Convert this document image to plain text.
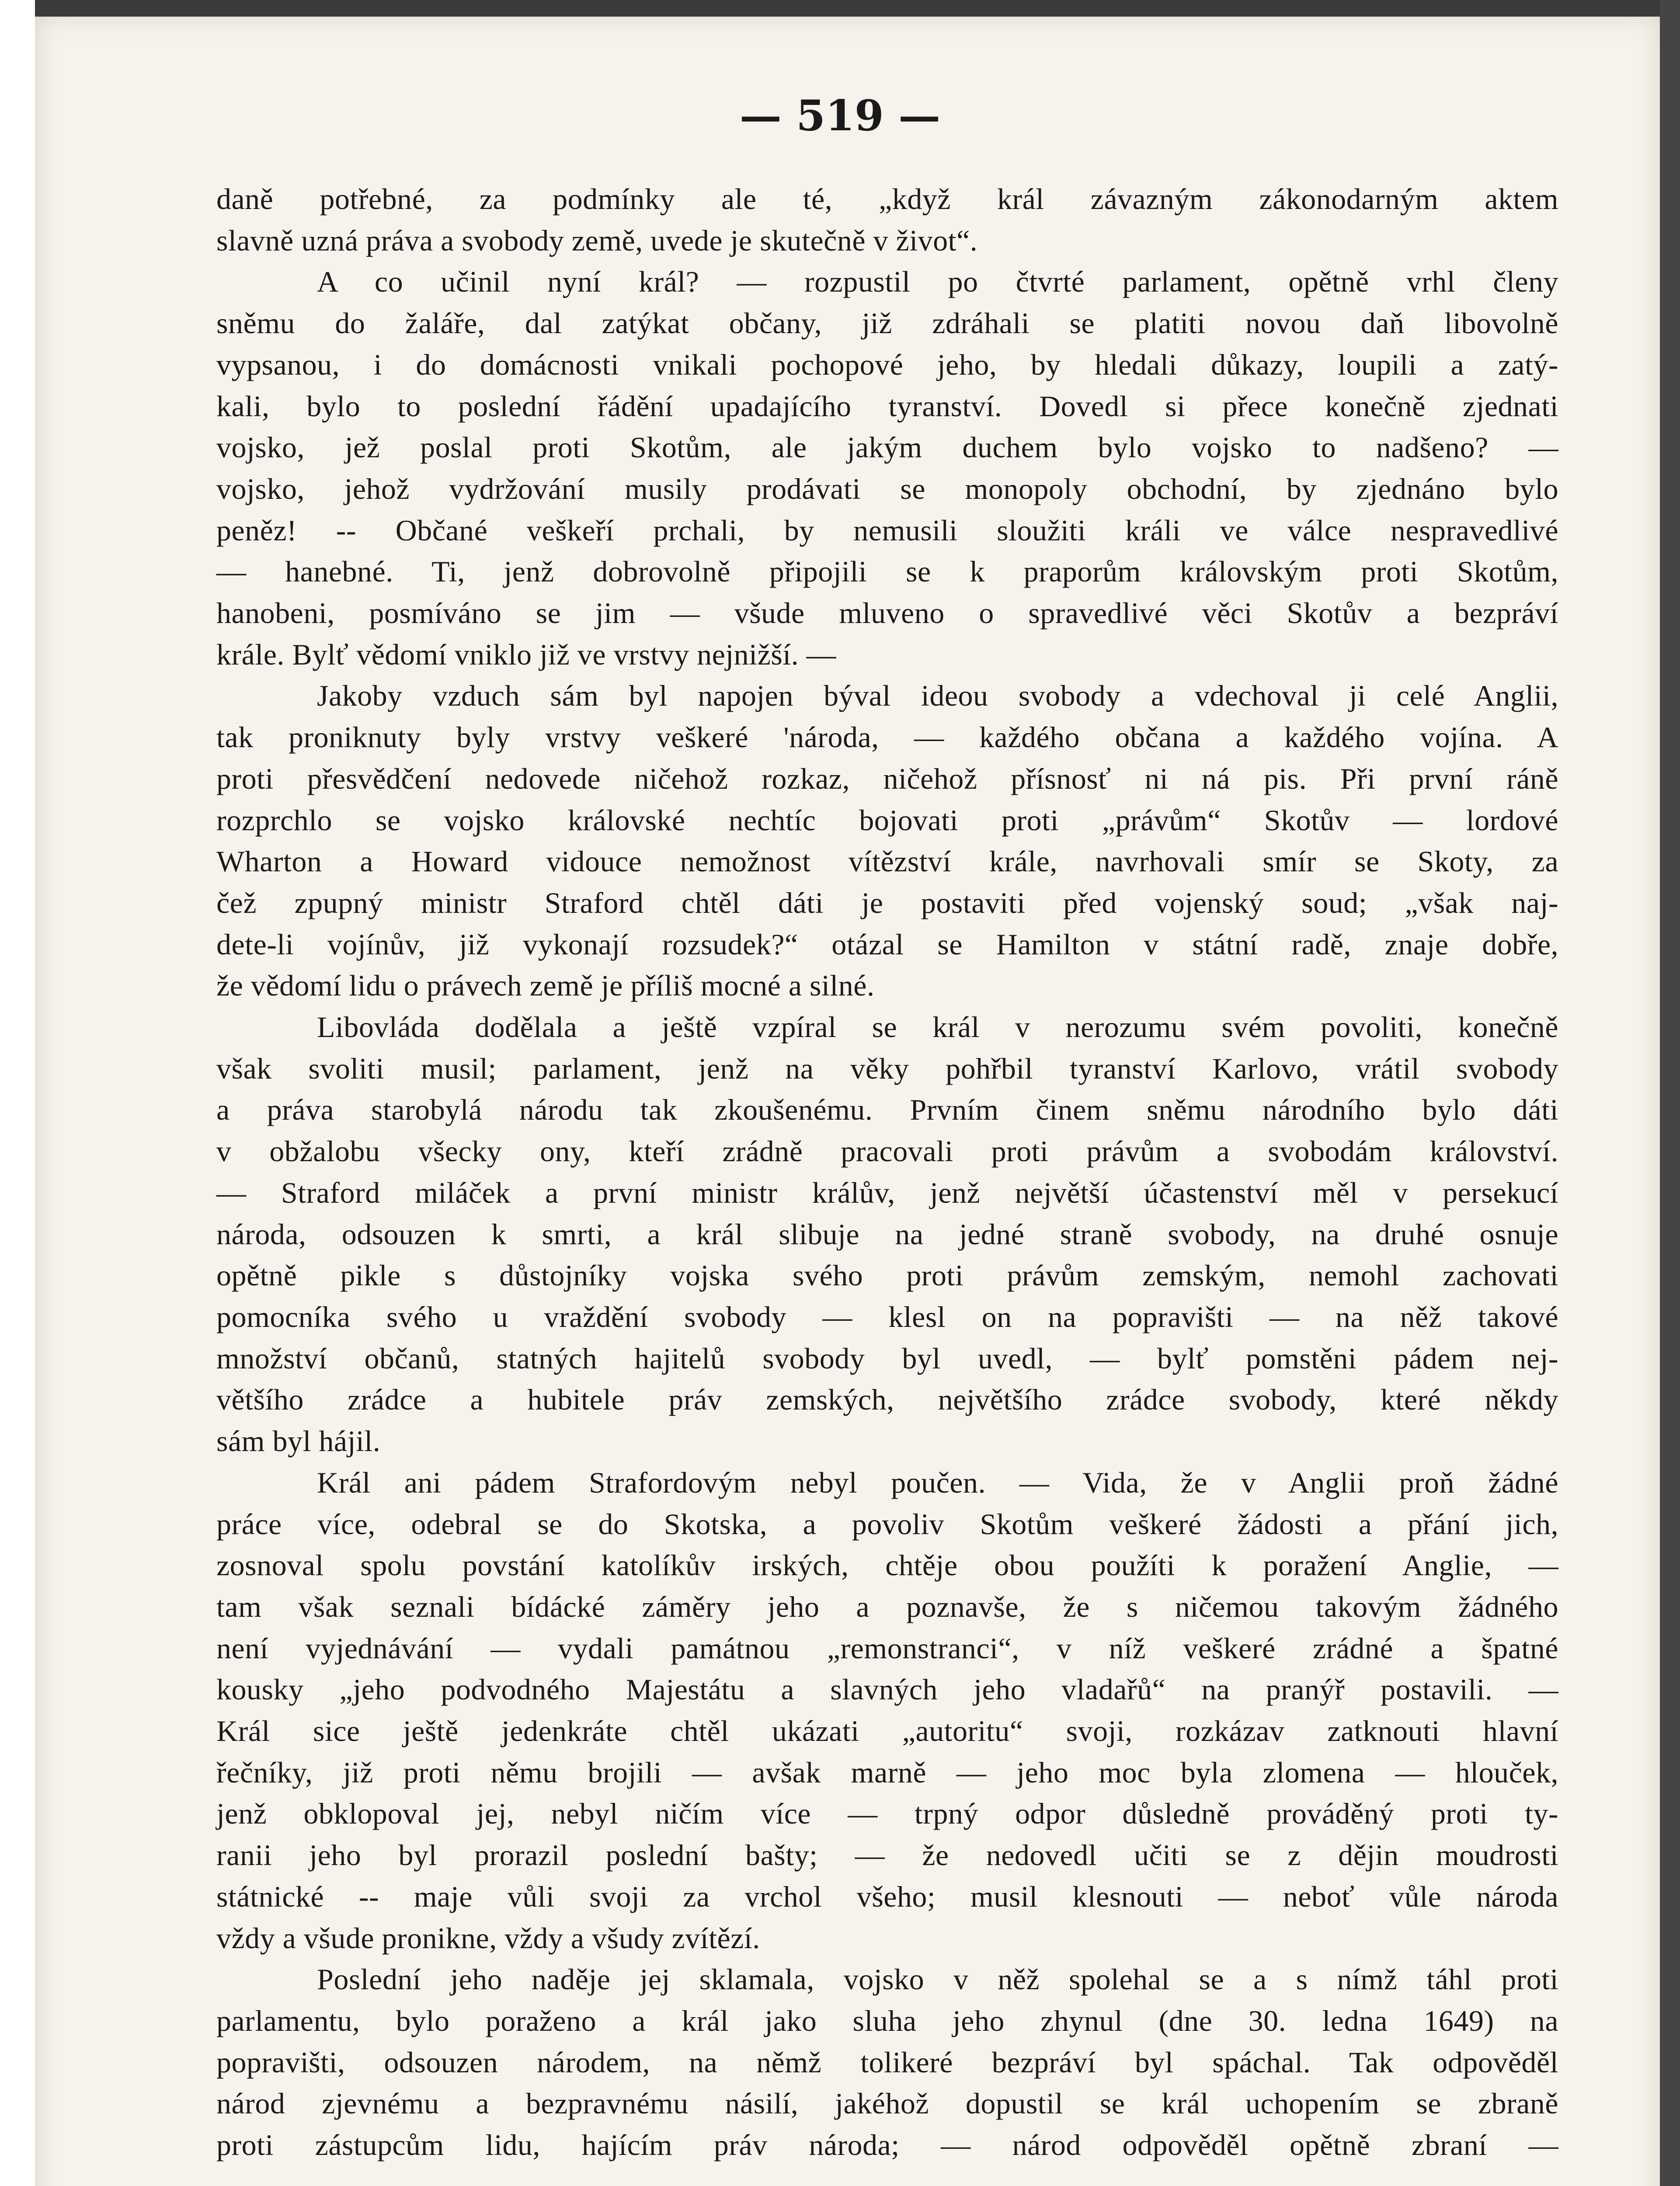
— 519 —
daně potřebné, za podmínky ale té, „když král závazným zákonodarným aktem
slavně uzná práva a svobody země, uvede je skutečně v život“.
A co učinil nyní král? — rozpustil po čtvrté parlament, opětně vrhl členy
sněmu do žaláře, dal zatýkat občany, již zdráhali se platiti novou daň libovolně
vypsanou, i do domácnosti vnikali pochopové jeho, by hledali důkazy, loupili a zatý-
kali, bylo to poslední řádění upadajícího tyranství. Dovedl si přece konečně zjednati
vojsko, jež poslal proti Skotům, ale jakým duchem bylo vojsko to nadšeno? —
vojsko, jehož vydržování musily prodávati se monopoly obchodní, by zjednáno bylo
peněz! -- Občané veškeří prchali, by nemusili sloužiti králi ve válce nespravedlivé
— hanebné. Ti, jenž dobrovolně připojili se k praporům královským proti Skotům,
hanobeni, posmíváno se jim — všude mluveno o spravedlivé věci Skotův a bezpráví
krále. Bylť vědomí vniklo již ve vrstvy nejnižší. —
Jakoby vzduch sám byl napojen býval ideou svobody a vdechoval ji celé Anglii,
tak proniknuty byly vrstvy veškeré 'národa, — každého občana a každého vojína. A
proti přesvědčení nedovede ničehož rozkaz, ničehož přísnosť ni ná pis. Při první ráně
rozprchlo se vojsko královské nechtíc bojovati proti „právům“ Skotův — lordové
Wharton a Howard vidouce nemožnost vítězství krále, navrhovali smír se Skoty, za
čež zpupný ministr Straford chtěl dáti je postaviti před vojenský soud; „však naj-
dete-li vojínův, již vykonají rozsudek?“ otázal se Hamilton v státní radě, znaje dobře,
že vědomí lidu o právech země je příliš mocné a silné.
Libovláda dodělala a ještě vzpíral se král v nerozumu svém povoliti, konečně
však svoliti musil; parlament, jenž na věky pohřbil tyranství Karlovo, vrátil svobody
a práva starobylá národu tak zkoušenému. Prvním činem sněmu národního bylo dáti
v obžalobu všecky ony, kteří zrádně pracovali proti právům a svobodám království.
— Straford miláček a první ministr králův, jenž největší účastenství měl v persekucí
národa, odsouzen k smrti, a král slibuje na jedné straně svobody, na druhé osnuje
opětně pikle s důstojníky vojska svého proti právům zemským, nemohl zachovati
pomocníka svého u vraždění svobody — klesl on na popravišti — na něž takové
množství občanů, statných hajitelů svobody byl uvedl, — bylť pomstěni pádem nej-
většího zrádce a hubitele práv zemských, největšího zrádce svobody, které někdy
sám byl hájil.
Král ani pádem Strafordovým nebyl poučen. — Vida, že v Anglii proň žádné
práce více, odebral se do Skotska, a povoliv Skotům veškeré žádosti a přání jich,
zosnoval spolu povstání katolíkův irských, chtěje obou použíti k poražení Anglie, —
tam však seznali bídácké záměry jeho a poznavše, že s ničemou takovým žádného
není vyjednávání — vydali památnou „remonstranci“, v níž veškeré zrádné a špatné
kousky „jeho podvodného Majestátu a slavných jeho vladařů“ na pranýř postavili. —
Král sice ještě jedenkráte chtěl ukázati „autoritu“ svoji, rozkázav zatknouti hlavní
řečníky, již proti němu brojili — avšak marně — jeho moc byla zlomena — hlouček,
jenž obklopoval jej, nebyl ničím více — trpný odpor důsledně prováděný proti ty-
ranii jeho byl prorazil poslední bašty; — že nedovedl učiti se z dějin moudrosti
státnické -- maje vůli svoji za vrchol všeho; musil klesnouti — neboť vůle národa
vždy a všude pronikne, vždy a všudy zvítězí.
Poslední jeho naděje jej sklamala, vojsko v něž spolehal se a s nímž táhl proti
parlamentu, bylo poraženo a král jako sluha jeho zhynul (dne 30. ledna 1649) na
popravišti, odsouzen národem, na němž tolikeré bezpráví byl spáchal. Tak odpověděl
národ zjevnému a bezpravnému násilí, jakéhož dopustil se král uchopením se zbraně
proti zástupcům lidu, hajícím práv národa; — národ odpověděl opětně zbraní —
